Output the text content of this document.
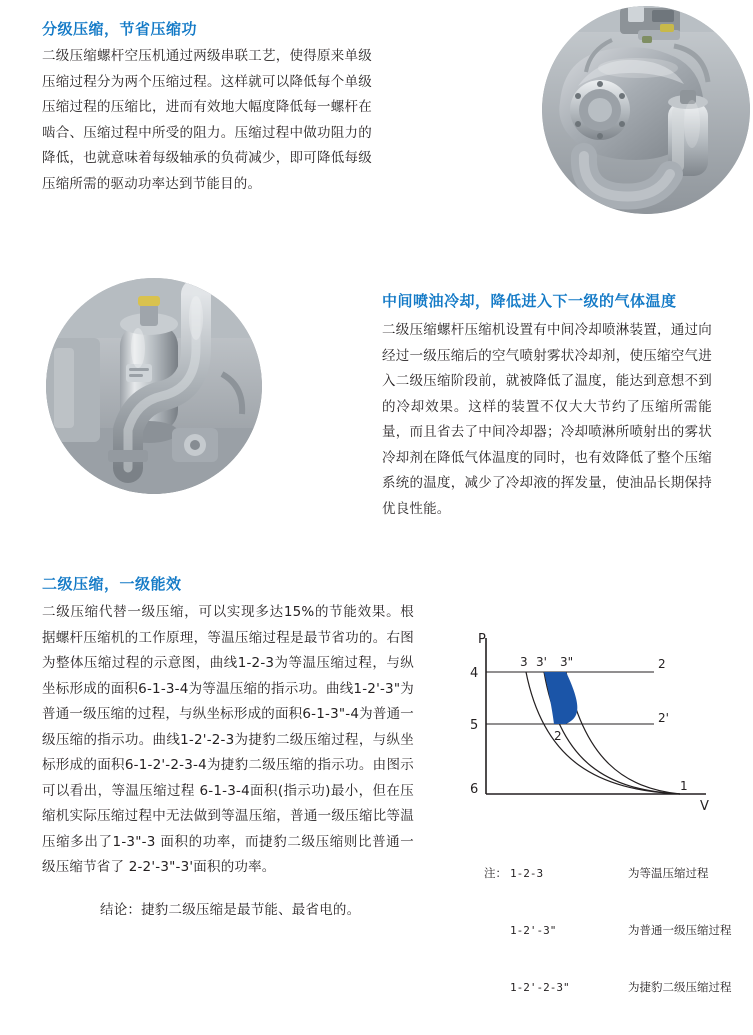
分级压缩，节省压缩功
二级压缩螺杆空压机通过两级串联工艺，使得原来单级压缩过程分为两个压缩过程。这样就可以降低每个单级压缩过程的压缩比，进而有效地大幅度降低每一螺杆在啮合、压缩过程中所受的阻力。压缩过程中做功阻力的降低，也就意味着每级轴承的负荷减少，即可降低每级压缩所需的驱动功率达到节能目的。
中间喷油冷却，降低进入下一级的气体温度
二级压缩螺杆压缩机设置有中间冷却喷淋装置，通过向经过一级压缩后的空气喷射雾状冷却剂，使压缩空气进入二级压缩阶段前，就被降低了温度，能达到意想不到的冷却效果。这样的装置不仅大大节约了压缩所需能量，而且省去了中间冷却器；冷却喷淋所喷射出的雾状冷却剂在降低气体温度的同时，也有效降低了整个压缩系统的温度，减少了冷却液的挥发量，使油品长期保持优良性能。
二级压缩，一级能效
二级压缩代替一级压缩，可以实现多达15%的节能效果。根据螺杆压缩机的工作原理，等温压缩过程是最节省功的。右图为整体压缩过程的示意图，曲线1-2-3为等温压缩过程，与纵坐标形成的面积6-1-3-4为等温压缩的指示功。曲线1-2'-3"为普通一级压缩的过程，与纵坐标形成的面积6-1-3"-4为普通一级压缩的指示功。曲线1-2'-2-3为捷豹二级压缩过程，与纵坐标形成的面积6-1-2'-2-3-4为捷豹二级压缩的指示功。由图示可以看出，等温压缩过程 6-1-3-4面积(指示功)最小，但在压缩机实际压缩过程中无法做到等温压缩，普通一级压缩比等温压缩多出了1-3"-3 面积的功率，而捷豹二级压缩则比普通一级压缩节省了 2-2'-3"-3'面积的功率。
P
V
4
5
6
3 3' 3"	2
2'
2
1

注： 1-2-3	为等温压缩过程

1-2'-3"	为普通一级压缩过程

1-2'-2-3"	为捷豹二级压缩过程

结论：捷豹二级压缩是最节能、最省电的。
